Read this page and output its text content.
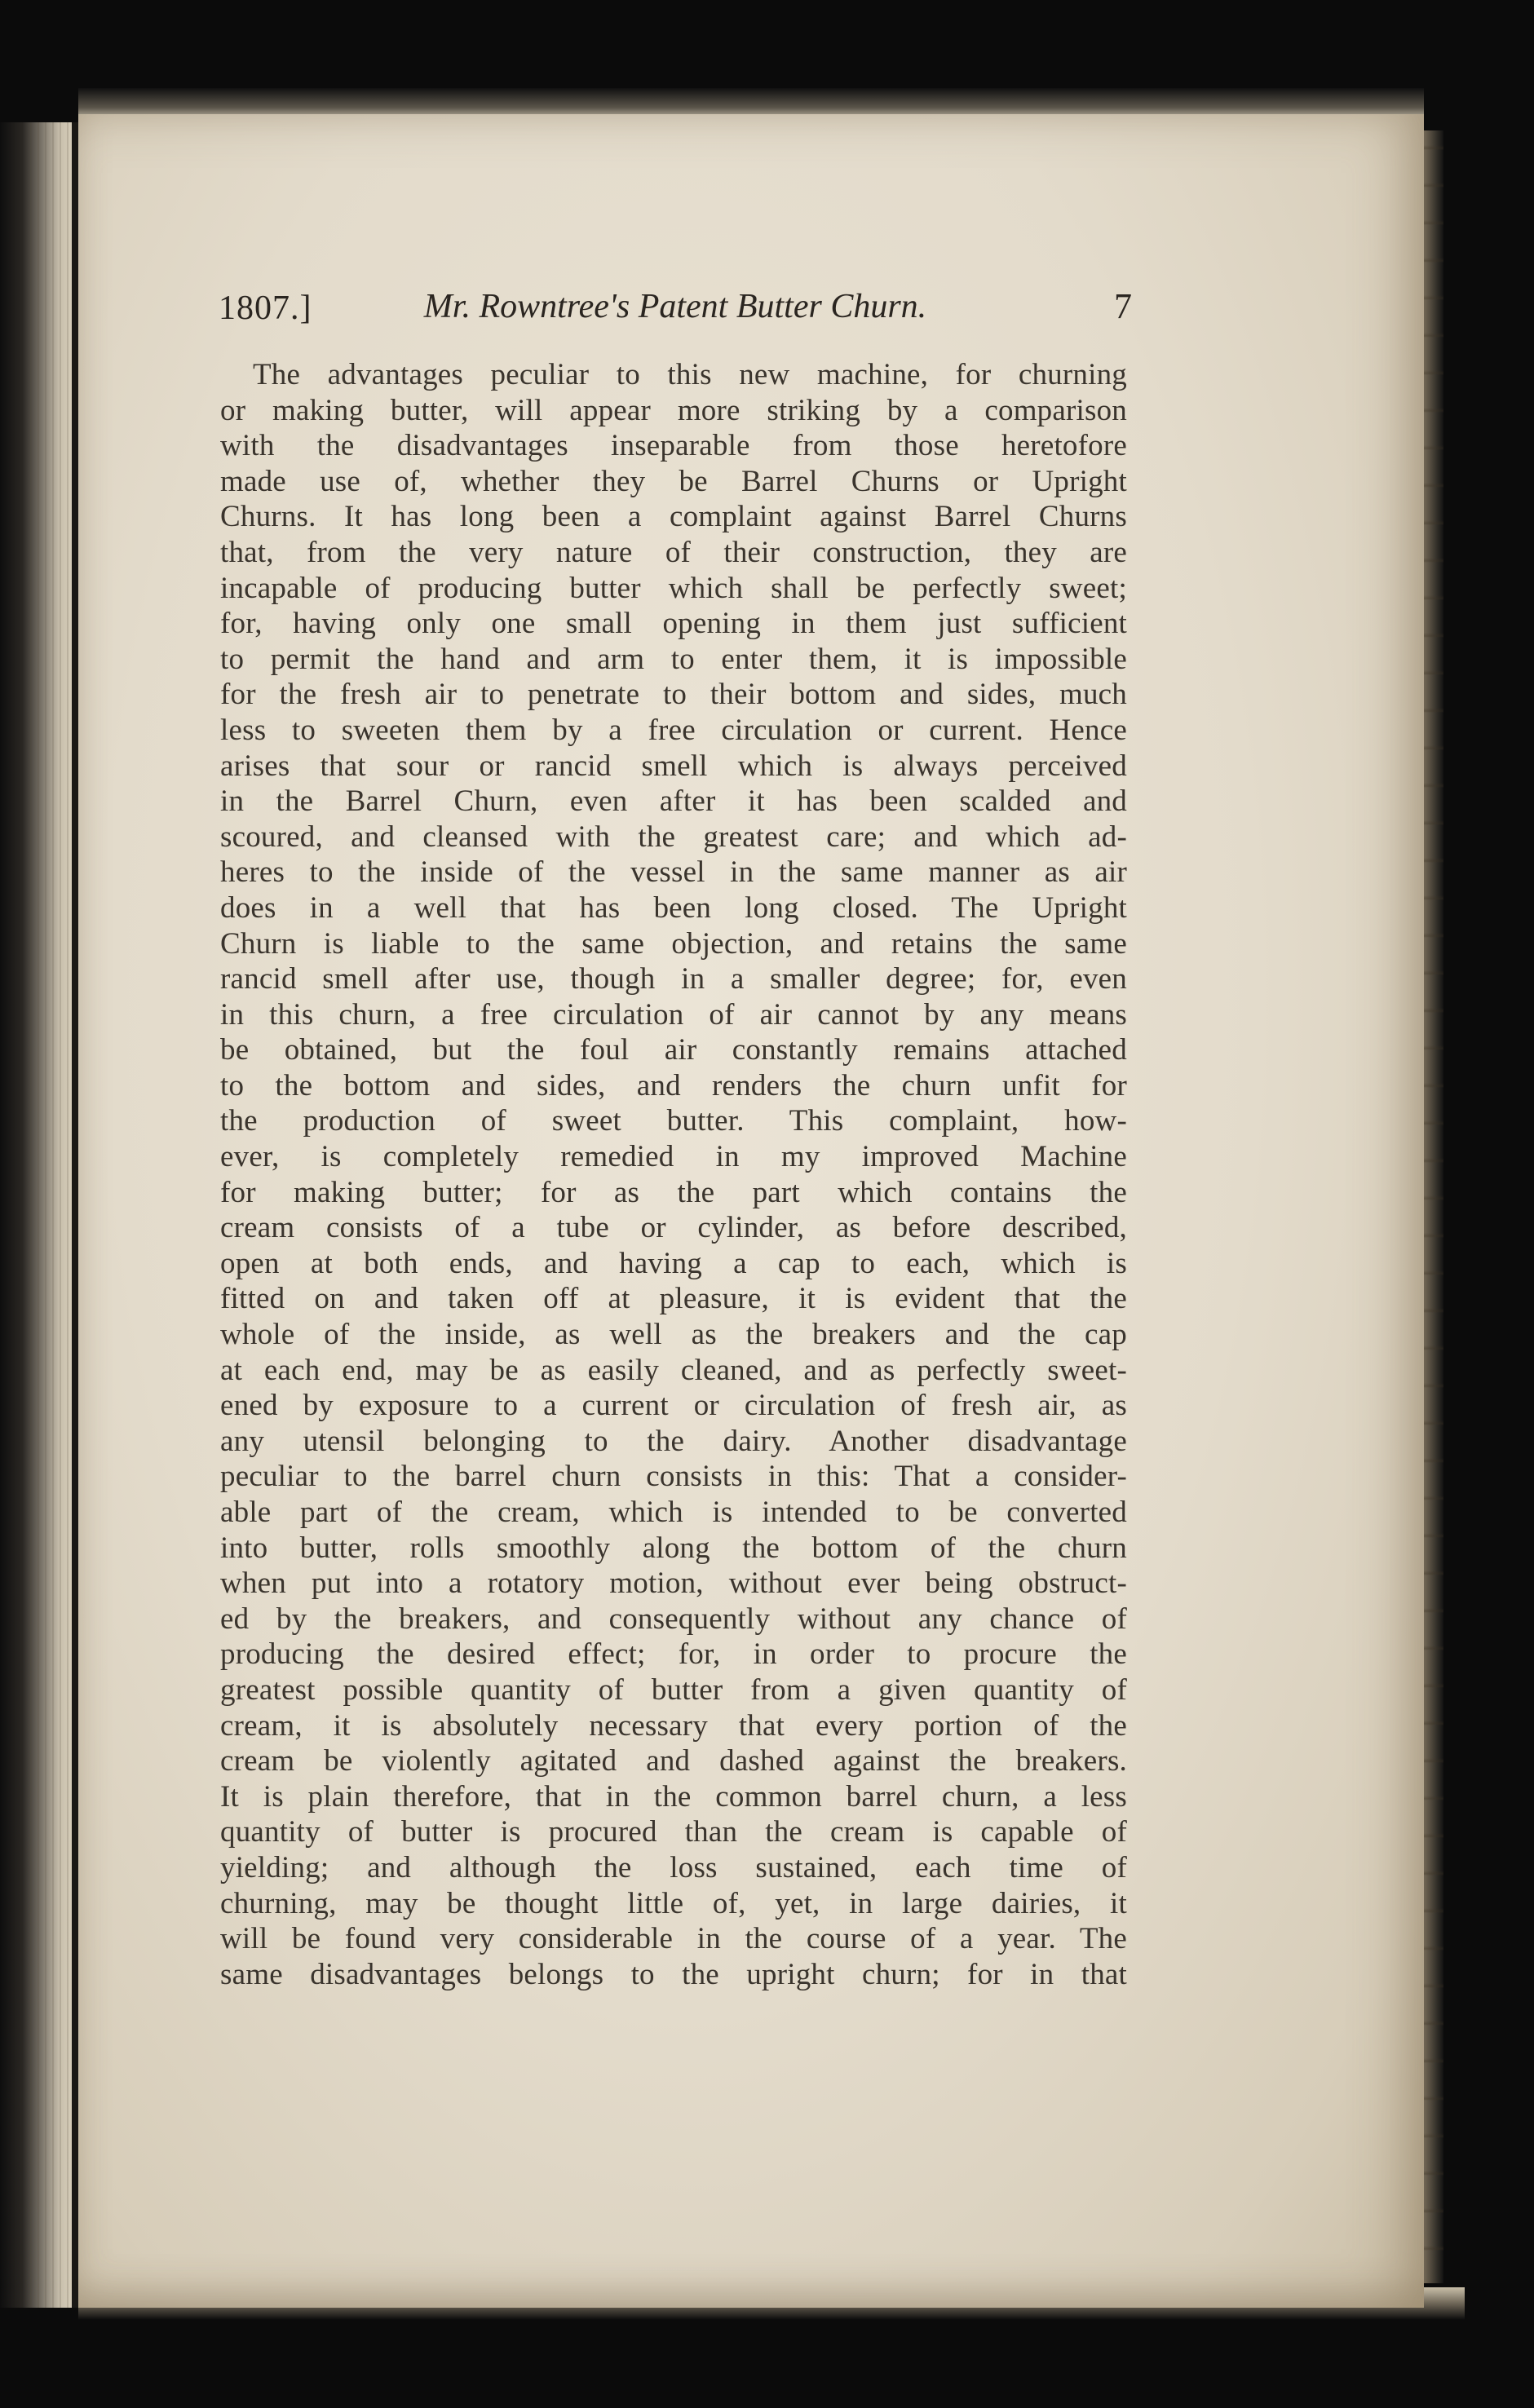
1807.]	Mr. Rowntree's Patent Butter Churn.	7
The advantages peculiar to this new machine, for churning
or making butter, will appear more striking by a comparison
with the disadvantages inseparable from those heretofore
made use of, whether they be Barrel Churns or Upright
Churns. It has long been a complaint against Barrel Churns
that, from the very nature of their construction, they are
incapable of producing butter which shall be perfectly sweet;
for, having only one small opening in them just sufficient
to permit the hand and arm to enter them, it is impossible
for the fresh air to penetrate to their bottom and sides, much
less to sweeten them by a free circulation or current. Hence
arises that sour or rancid smell which is always perceived
in the Barrel Churn, even after it has been scalded and
scoured, and cleansed with the greatest care; and which ad-
heres to the inside of the vessel in the same manner as air
does in a well that has been long closed. The Upright
Churn is liable to the same objection, and retains the same
rancid smell after use, though in a smaller degree; for, even
in this churn, a free circulation of air cannot by any means
be obtained, but the foul air constantly remains attached
to the bottom and sides, and renders the churn unfit for
the production of sweet butter. This complaint, how-
ever, is completely remedied in my improved Machine
for making butter; for as the part which contains the
cream consists of a tube or cylinder, as before described,
open at both ends, and having a cap to each, which is
fitted on and taken off at pleasure, it is evident that the
whole of the inside, as well as the breakers and the cap
at each end, may be as easily cleaned, and as perfectly sweet-
ened by exposure to a current or circulation of fresh air, as
any utensil belonging to the dairy. Another disadvantage
peculiar to the barrel churn consists in this: That a consider-
able part of the cream, which is intended to be converted
into butter, rolls smoothly along the bottom of the churn
when put into a rotatory motion, without ever being obstruct-
ed by the breakers, and consequently without any chance of
producing the desired effect; for, in order to procure the
greatest possible quantity of butter from a given quantity of
cream, it is absolutely necessary that every portion of the
cream be violently agitated and dashed against the breakers.
It is plain therefore, that in the common barrel churn, a less
quantity of butter is procured than the cream is capable of
yielding; and although the loss sustained, each time of
churning, may be thought little of, yet, in large dairies, it
will be found very considerable in the course of a year. The
same disadvantages belongs to the upright churn; for in that
